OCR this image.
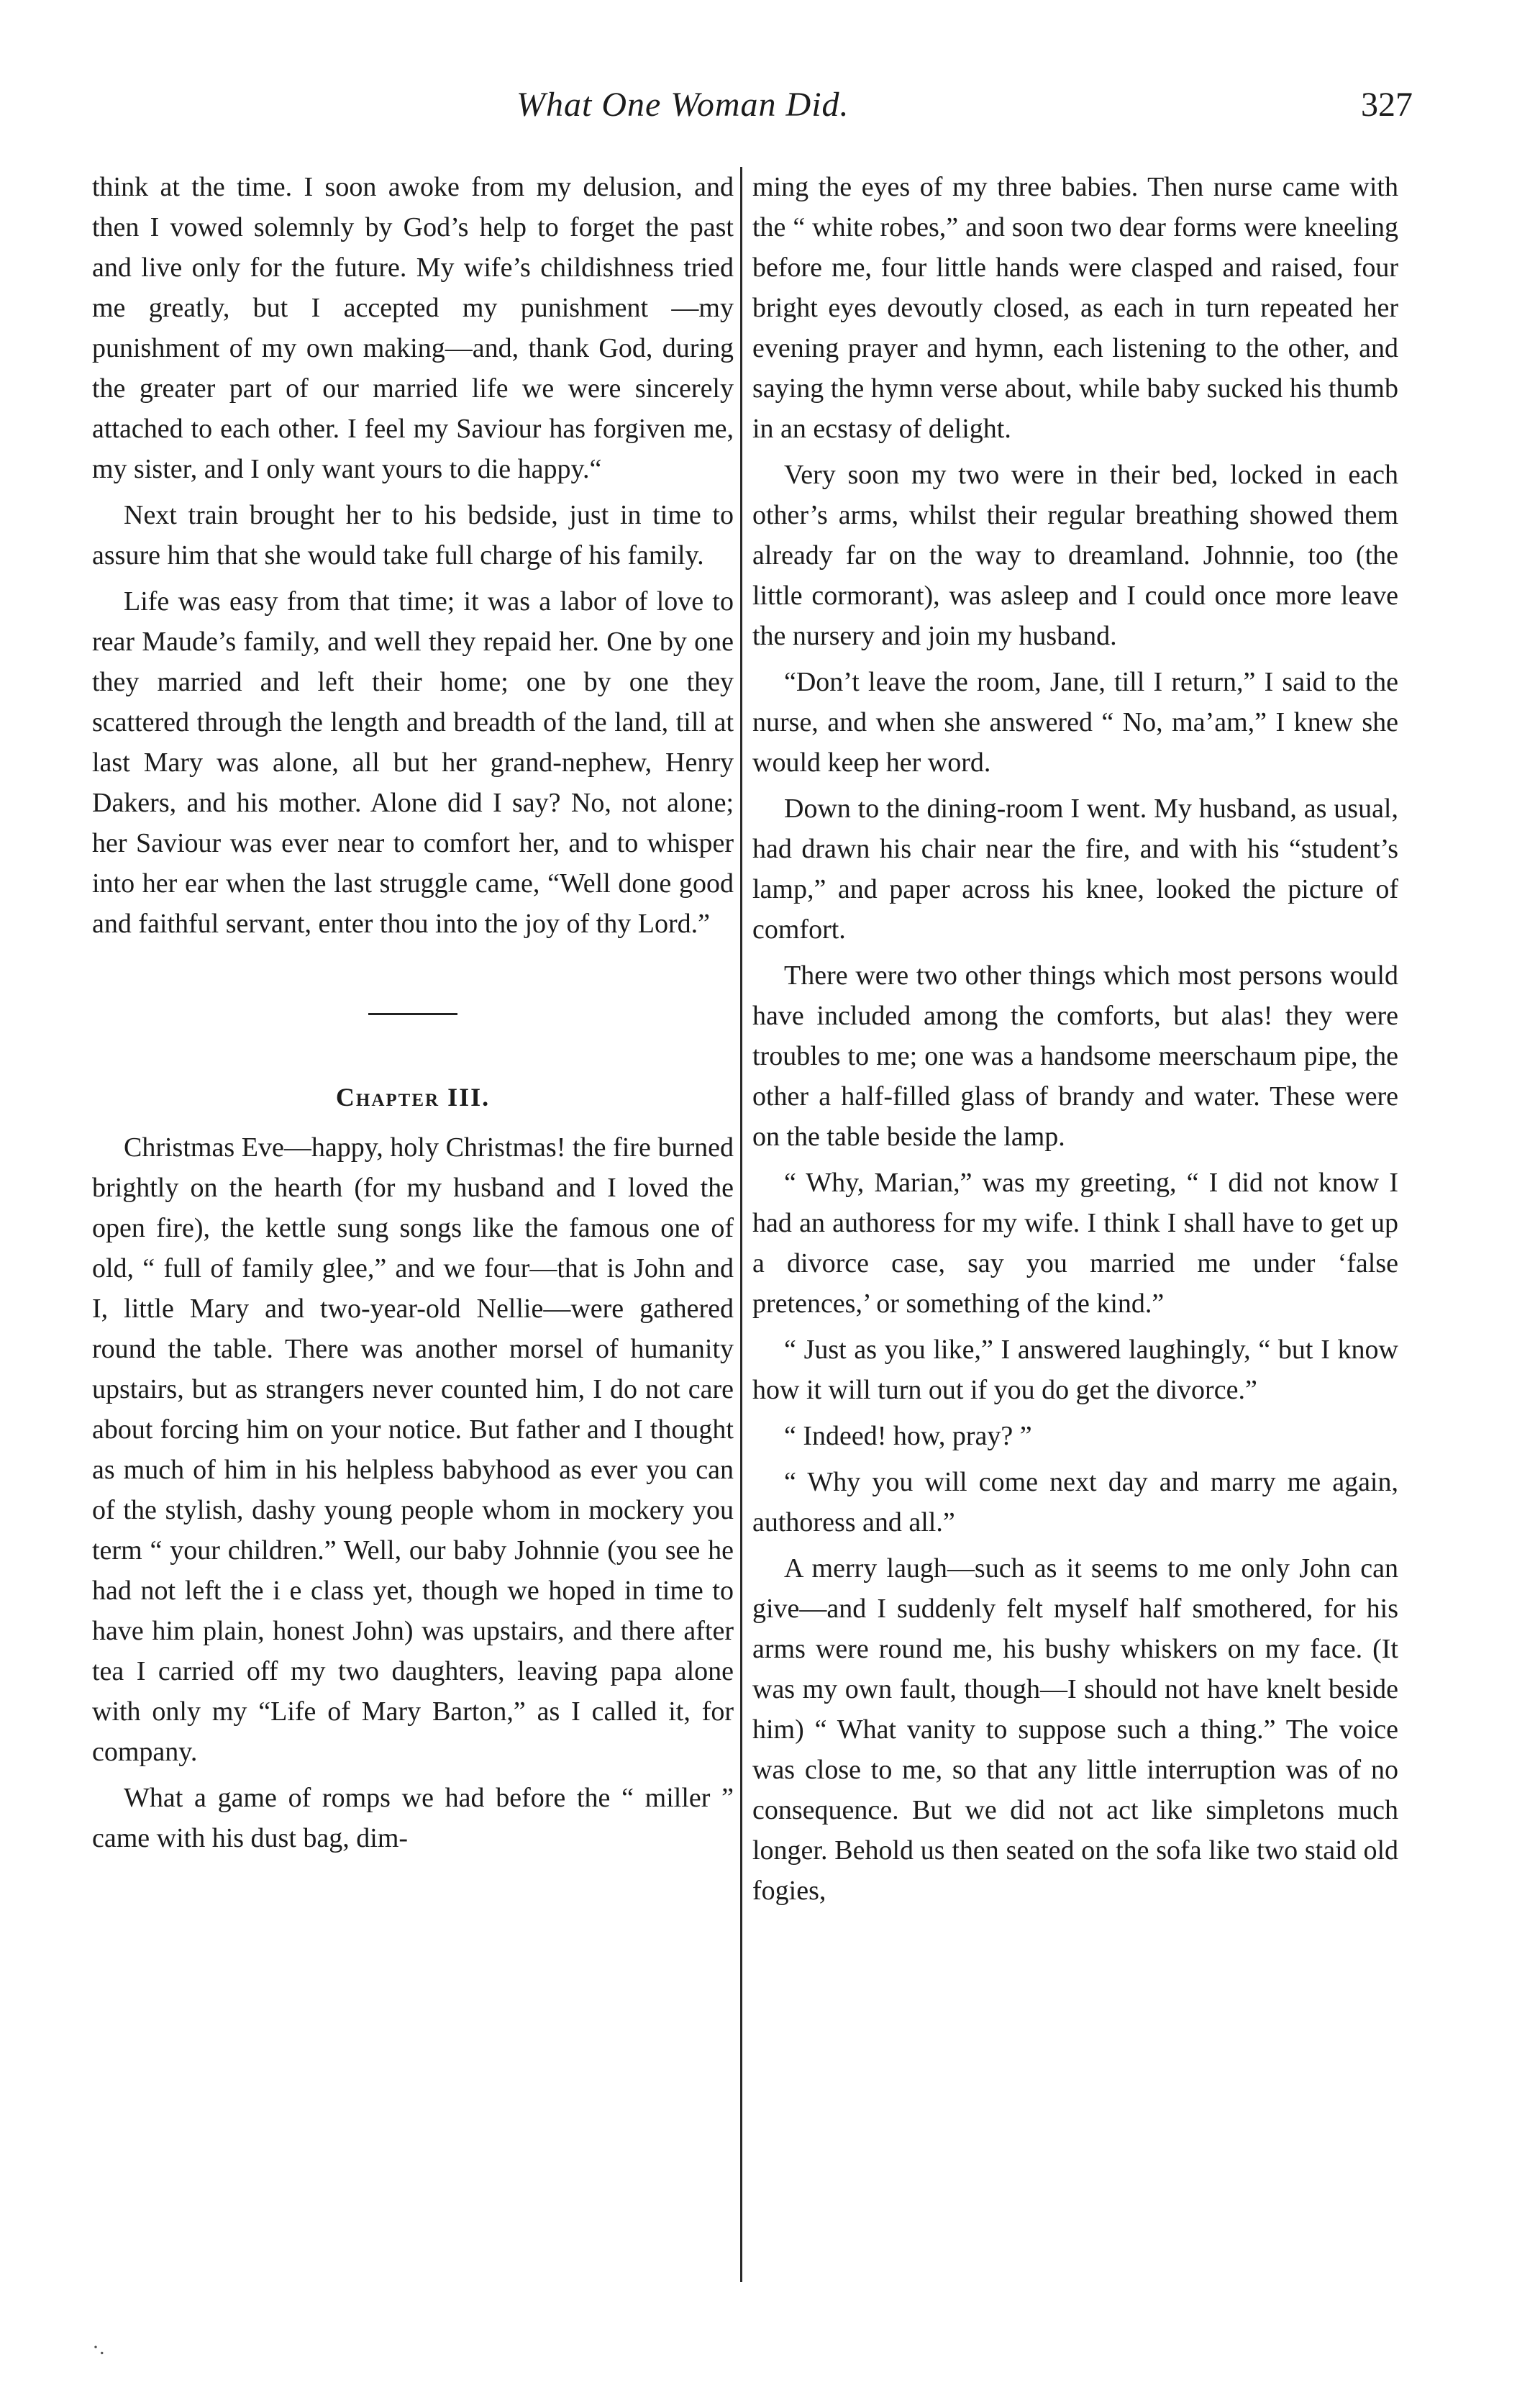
What One Woman Did.	327

think at the time. I soon awoke from my delusion, and then I vowed solemnly by God’s help to forget the past and live only for the future. My wife’s childishness tried me greatly, but I accepted my punishment —my punishment of my own making—and, thank God, during the greater part of our married life we were sincerely attached to each other. I feel my Saviour has forgiven me, my sister, and I only want yours to die happy.“

Next train brought her to his bedside, just in time to assure him that she would take full charge of his family.

Life was easy from that time; it was a labor of love to rear Maude’s family, and well they repaid her. One by one they married and left their home; one by one they scattered through the length and breadth of the land, till at last Mary was alone, all but her grand-nephew, Henry Dakers, and his mother. Alone did I say? No, not alone; her Saviour was ever near to comfort her, and to whisper into her ear when the last struggle came, “Well done good and faithful servant, enter thou into the joy of thy Lord.”

Chapter III.

Christmas Eve—happy, holy Christmas! the fire burned brightly on the hearth (for my husband and I loved the open fire), the kettle sung songs like the famous one of old, “ full of family glee,” and we four—that is John and I, little Mary and two-year-old Nellie—were gathered round the table. There was another morsel of humanity upstairs, but as strangers never counted him, I do not care about forcing him on your notice. But father and I thought as much of him in his helpless babyhood as ever you can of the stylish, dashy young people whom in mockery you term “ your children.” Well, our baby Johnnie (you see he had not left the i e class yet, though we hoped in time to have him plain, honest John) was upstairs, and there after tea I carried off my two daughters, leaving papa alone with only my “Life of Mary Barton,” as I called it, for company.

What a game of romps we had before the “ miller ” came with his dust bag, dim-

ming the eyes of my three babies. Then nurse came with the “ white robes,” and soon two dear forms were kneeling before me, four little hands were clasped and raised, four bright eyes devoutly closed, as each in turn repeated her evening prayer and hymn, each listening to the other, and saying the hymn verse about, while baby sucked his thumb in an ecstasy of delight.

Very soon my two were in their bed, locked in each other’s arms, whilst their regular breathing showed them already far on the way to dreamland. Johnnie, too (the little cormorant), was asleep and I could once more leave the nursery and join my husband.

“Don’t leave the room, Jane, till I return,” I said to the nurse, and when she answered “ No, ma’am,” I knew she would keep her word.

Down to the dining-room I went. My husband, as usual, had drawn his chair near the fire, and with his “student’s lamp,” and paper across his knee, looked the picture of comfort.

There were two other things which most persons would have included among the comforts, but alas! they were troubles to me; one was a handsome meerschaum pipe, the other a half-filled glass of brandy and water. These were on the table beside the lamp.

“ Why, Marian,” was my greeting, “ I did not know I had an authoress for my wife. I think I shall have to get up a divorce case, say you married me under ‘false pretences,’ or something of the kind.”

“ Just as you like,” I answered laughingly, “ but I know how it will turn out if you do get the divorce.”

“ Indeed! how, pray? ”

“ Why you will come next day and marry me again, authoress and all.”

A merry laugh—such as it seems to me only John can give—and I suddenly felt myself half smothered, for his arms were round me, his bushy whiskers on my face. (It was my own fault, though—I should not have knelt beside him) “ What vanity to suppose such a thing.” The voice was close to me, so that any little interruption was of no consequence. But we did not act like simpletons much longer. Behold us then seated on the sofa like two staid old fogies,

·.
